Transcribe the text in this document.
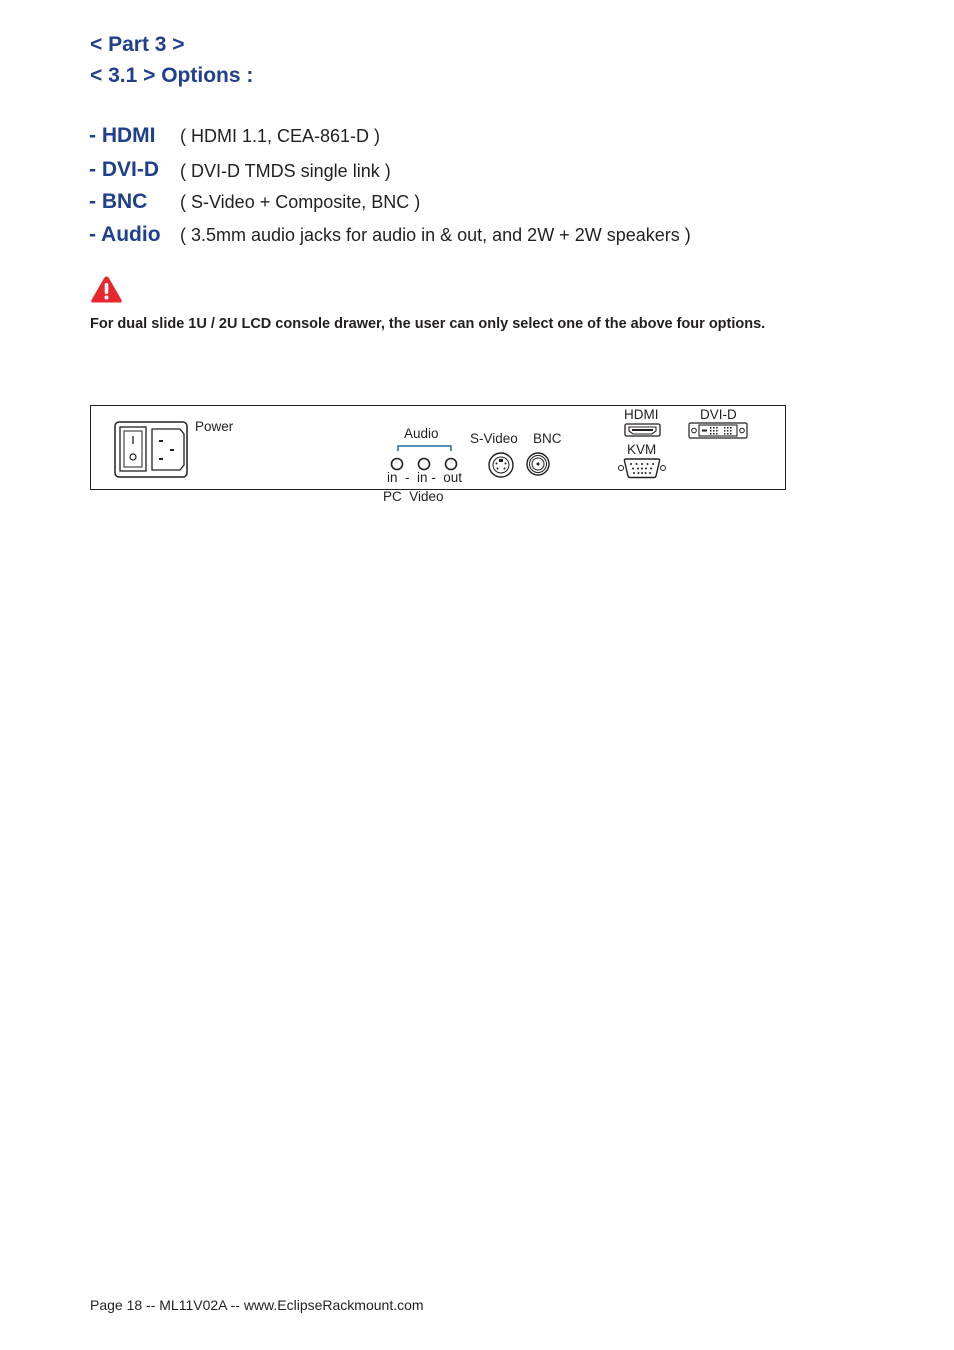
< Part 3 >
< 3.1 > Options :
- HDMI ( HDMI 1.1, CEA-861-D )
- DVI-D ( DVI-D TMDS single link )
- BNC ( S-Video + Composite, BNC )
- Audio ( 3.5mm audio jacks for audio in & out, and 2W + 2W speakers )
For dual slide 1U / 2U LCD console drawer, the user can only select one of the above four options.
Power	Audio
in  -  in -  out
PC  Video
S-Video BNC
HDMI
KVM
DVI-D
Page 18 -- ML11V02A -- www.EclipseRackmount.com
